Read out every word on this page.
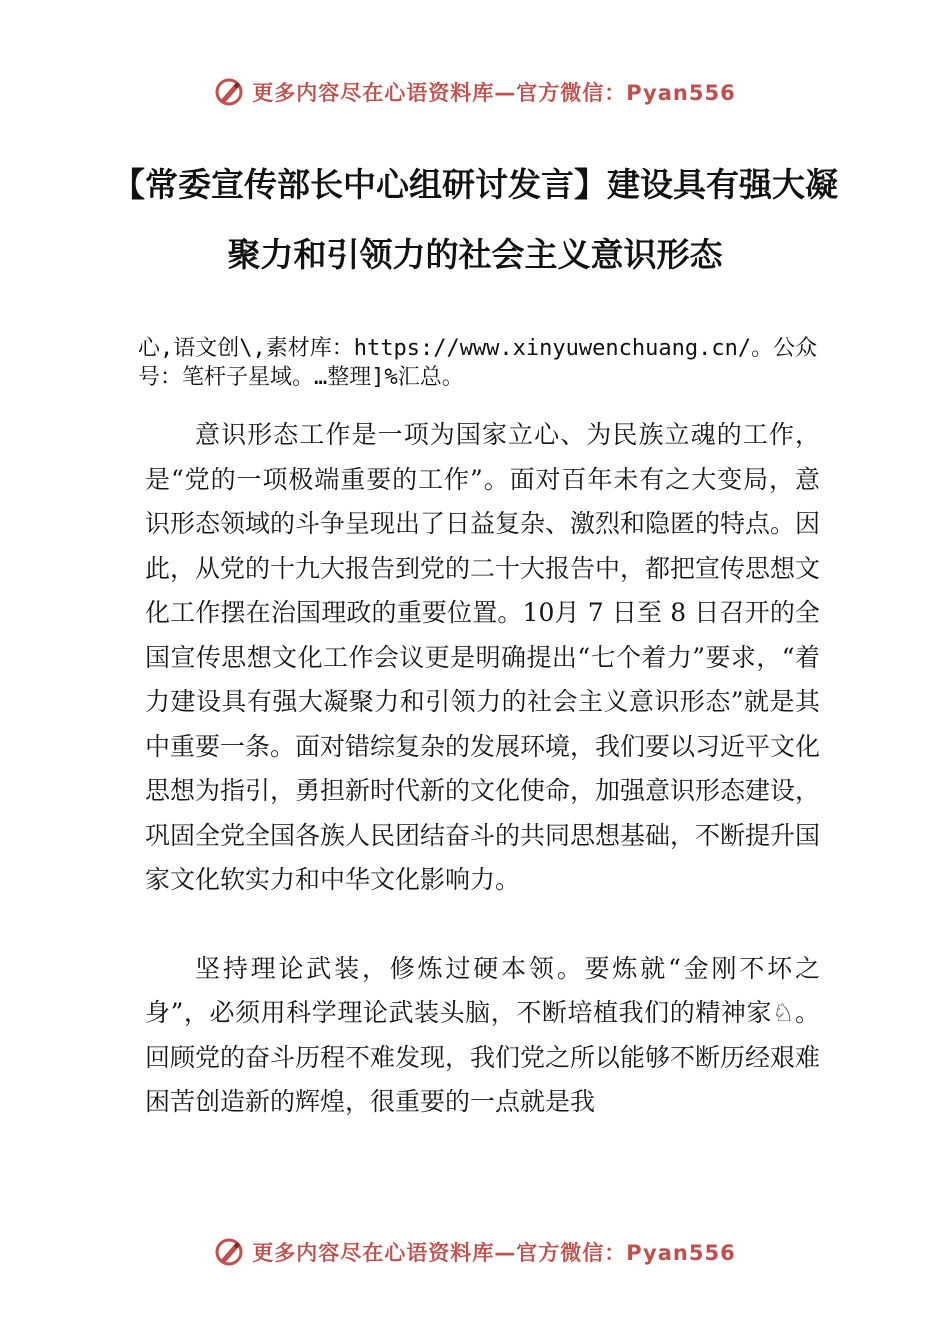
更多内容尽在心语资料库—官方微信：Pyan556
【常委宣传部长中心组研讨发言】建设具有强大凝聚力和引领力的社会主义意识形态
心,语文创\,素材库：https://www.xinyuwenchuang.cn/。公众号：笔杆子星域。…整理]%汇总。

意识形态工作是一项为国家立心、为民族立魂的工作，是“党的一项极端重要的工作”。面对百年未有之大变局，意识形态领域的斗争呈现出了日益复杂、激烈和隐匿的特点。因此，从党的十九大报告到党的二十大报告中，都把宣传思想文化工作摆在治国理政的重要位置。10月 7 日至 8 日召开的全国宣传思想文化工作会议更是明确提出“七个着力”要求，“着力建设具有强大凝聚力和引领力的社会主义意识形态”就是其中重要一条。面对错综复杂的发展环境，我们要以习近平文化思想为指引，勇担新时代新的文化使命，加强意识形态建设，巩固全党全国各族人民团结奋斗的共同思想基础，不断提升国家文化软实力和中华文化影响力。

坚持理论武装，修炼过硬本领。要炼就“金刚不坏之身”，必须用科学理论武装头脑，不断培植我们的精神家♘。回顾党的奋斗历程不难发现，我们党之所以能够不断历经艰难困苦创造新的辉煌，很重要的一点就是我

更多内容尽在心语资料库—官方微信：Pyan556
